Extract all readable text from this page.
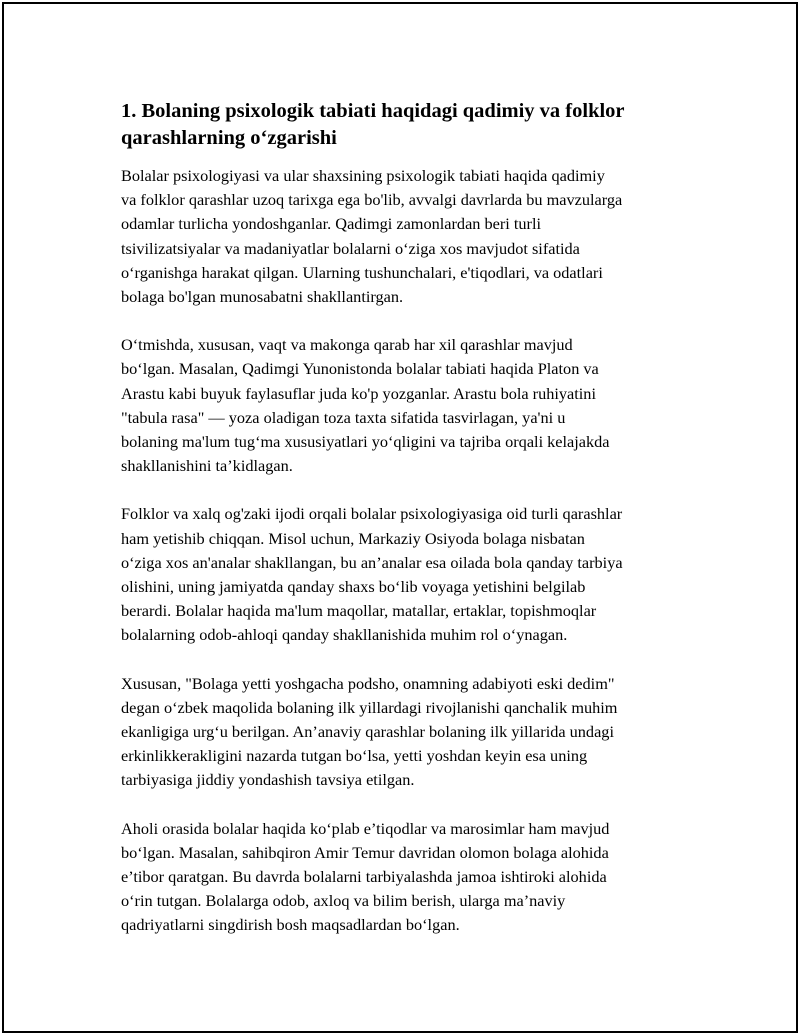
1. Bolaning psixologik tabiati haqidagi qadimiy va folklor qarashlarning o‘zgarishi

Bolalar psixologiyasi va ular shaxsining psixologik tabiati haqida qadimiy
va folklor qarashlar uzoq tarixga ega bo'lib, avvalgi davrlarda bu mavzularga
odamlar turlicha yondoshganlar. Qadimgi zamonlardan beri turli
tsivilizatsiyalar va madaniyatlar bolalarni o‘ziga xos mavjudot sifatida
o‘rganishga harakat qilgan. Ularning tushunchalari, e'tiqodlari, va odatlari
bolaga bo'lgan munosabatni shakllantirgan.

O‘tmishda, xususan, vaqt va makonga qarab har xil qarashlar mavjud
bo‘lgan. Masalan, Qadimgi Yunonistonda bolalar tabiati haqida Platon va
Arastu kabi buyuk faylasuflar juda ko'p yozganlar. Arastu bola ruhiyatini
"tabula rasa" — yoza oladigan toza taxta sifatida tasvirlagan, ya'ni u
bolaning ma'lum tug‘ma xususiyatlari yo‘qligini va tajriba orqali kelajakda
shakllanishini ta’kidlagan.

Folklor va xalq og'zaki ijodi orqali bolalar psixologiyasiga oid turli qarashlar
ham yetishib chiqqan. Misol uchun, Markaziy Osiyoda bolaga nisbatan
o‘ziga xos an'analar shakllangan, bu an’analar esa oilada bola qanday tarbiya
olishini, uning jamiyatda qanday shaxs bo‘lib voyaga yetishini belgilab
berardi. Bolalar haqida ma'lum maqollar, matallar, ertaklar, topishmoqlar
bolalarning odob-ahloqi qanday shakllanishida muhim rol o‘ynagan.

Xususan, "Bolaga yetti yoshgacha podsho, onamning adabiyoti eski dedim"
degan o‘zbek maqolida bolaning ilk yillardagi rivojlanishi qanchalik muhim
ekanligiga urg‘u berilgan. An’anaviy qarashlar bolaning ilk yillarida undagi
erkinlikkerakligini nazarda tutgan bo‘lsa, yetti yoshdan keyin esa uning
tarbiyasiga jiddiy yondashish tavsiya etilgan.

Aholi orasida bolalar haqida ko‘plab e’tiqodlar va marosimlar ham mavjud
bo‘lgan. Masalan, sahibqiron Amir Temur davridan olomon bolaga alohida
e’tibor qaratgan. Bu davrda bolalarni tarbiyalashda jamoa ishtiroki alohida
o‘rin tutgan. Bolalarga odob, axloq va bilim berish, ularga ma’naviy
qadriyatlarni singdirish bosh maqsadlardan bo‘lgan.
